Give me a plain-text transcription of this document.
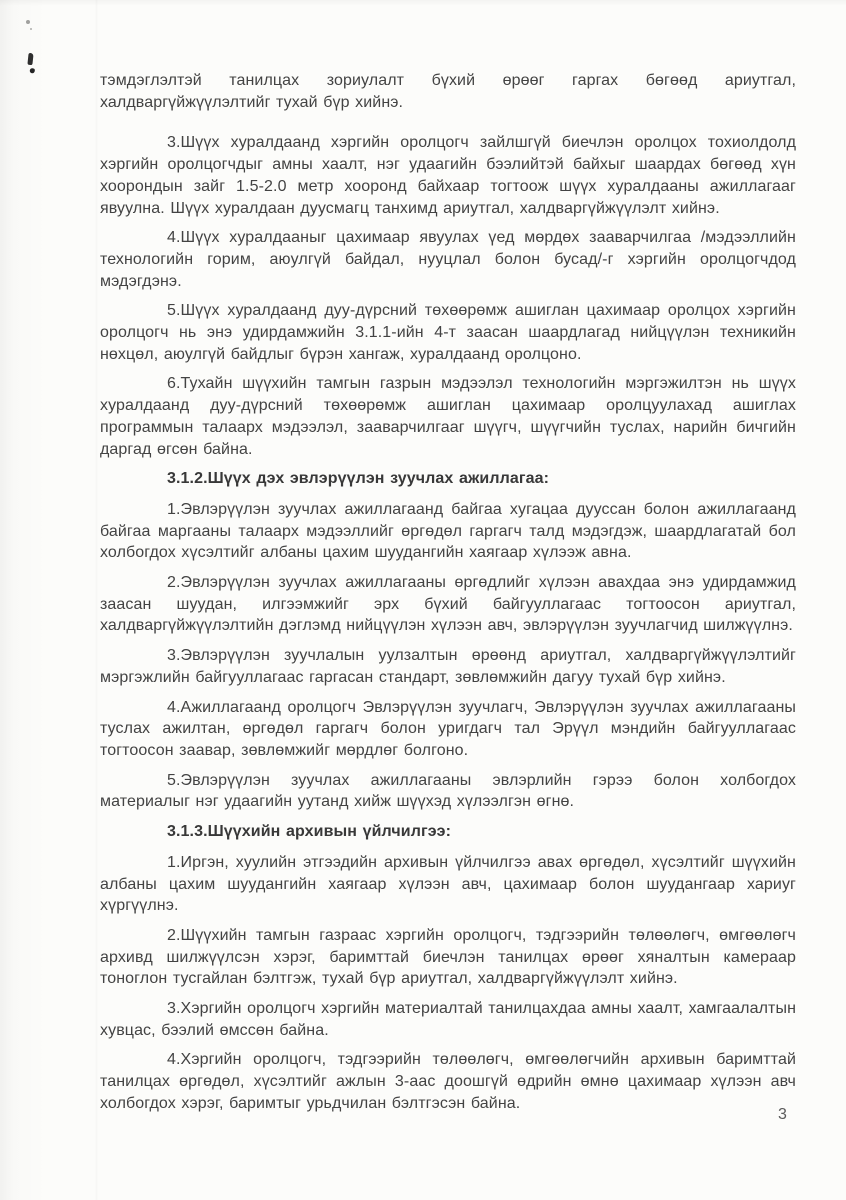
тэмдэглэлтэй танилцах зориулалт бүхий өрөөг гаргах бөгөөд ариутгал, халдваргүйжүүлэлтийг тухай бүр хийнэ.

3.Шүүх хуралдаанд хэргийн оролцогч зайлшгүй биечлэн оролцох тохиолдолд хэргийн оролцогчдыг амны хаалт, нэг удаагийн бээлийтэй байхыг шаардах бөгөөд хүн хоорондын зайг 1.5-2.0 метр хооронд байхаар тогтоож шүүх хуралдааны ажиллагааг явуулна. Шүүх хуралдаан дуусмагц танхимд ариутгал, халдваргүйжүүлэлт хийнэ.

4.Шүүх хуралдааныг цахимаар явуулах үед мөрдөх зааварчилгаа /мэдээллийн технологийн горим, аюулгүй байдал, нууцлал болон бусад/-г хэргийн оролцогчдод мэдэгдэнэ.

5.Шүүх хуралдаанд дуу-дүрсний төхөөрөмж ашиглан цахимаар оролцох хэргийн оролцогч нь энэ удирдамжийн 3.1.1-ийн 4-т заасан шаардлагад нийцүүлэн техникийн нөхцөл, аюулгүй байдлыг бүрэн хангаж, хуралдаанд оролцоно.

6.Тухайн шүүхийн тамгын газрын мэдээлэл технологийн мэргэжилтэн нь шүүх хуралдаанд дуу-дүрсний төхөөрөмж ашиглан цахимаар оролцуулахад ашиглах программын талаарх мэдээлэл, зааварчилгааг шүүгч, шүүгчийн туслах, нарийн бичгийн даргад өгсөн байна.

3.1.2.Шүүх дэх эвлэрүүлэн зуучлах ажиллагаа:

1.Эвлэрүүлэн зуучлах ажиллагаанд байгаа хугацаа дууссан болон ажиллагаанд байгаа маргааны талаарх мэдээллийг өргөдөл гаргагч талд мэдэгдэж, шаардлагатай бол холбогдох хүсэлтийг албаны цахим шуудангийн хаягаар хүлээж авна.

2.Эвлэрүүлэн зуучлах ажиллагааны өргөдлийг хүлээн авахдаа энэ удирдамжид заасан шуудан, илгээмжийг эрх бүхий байгууллагаас тогтоосон ариутгал, халдваргүйжүүлэлтийн дэглэмд нийцүүлэн хүлээн авч, эвлэрүүлэн зуучлагчид шилжүүлнэ.

3.Эвлэрүүлэн зуучлалын уулзалтын өрөөнд ариутгал, халдваргүйжүүлэлтийг мэргэжлийн байгууллагаас гаргасан стандарт, зөвлөмжийн дагуу тухай бүр хийнэ.

4.Ажиллагаанд оролцогч Эвлэрүүлэн зуучлагч, Эвлэрүүлэн зуучлах ажиллагааны туслах ажилтан, өргөдөл гаргагч болон уригдагч тал Эрүүл мэндийн байгууллагаас тогтоосон заавар, зөвлөмжийг мөрдлөг болгоно.

5.Эвлэрүүлэн зуучлах ажиллагааны эвлэрлийн гэрээ болон холбогдох материалыг нэг удаагийн уутанд хийж шүүхэд хүлээлгэн өгнө.

3.1.3.Шүүхийн архивын үйлчилгээ:

1.Иргэн, хуулийн этгээдийн архивын үйлчилгээ авах өргөдөл, хүсэлтийг шүүхийн албаны цахим шуудангийн хаягаар хүлээн авч, цахимаар болон шуудангаар хариуг хүргүүлнэ.

2.Шүүхийн тамгын газраас хэргийн оролцогч, тэдгээрийн төлөөлөгч, өмгөөлөгч архивд шилжүүлсэн хэрэг, баримттай биечлэн танилцах өрөөг хяналтын камераар тоноглон тусгайлан бэлтгэж, тухай бүр ариутгал, халдваргүйжүүлэлт хийнэ.

3.Хэргийн оролцогч хэргийн материалтай танилцахдаа амны хаалт, хамгаалалтын хувцас, бээлий өмссөн байна.

4.Хэргийн оролцогч, тэдгээрийн төлөөлөгч, өмгөөлөгчийн архивын баримттай танилцах өргөдөл, хүсэлтийг ажлын 3-аас доошгүй өдрийн өмнө цахимаар хүлээн авч холбогдох хэрэг, баримтыг урьдчилан бэлтгэсэн байна.

3
